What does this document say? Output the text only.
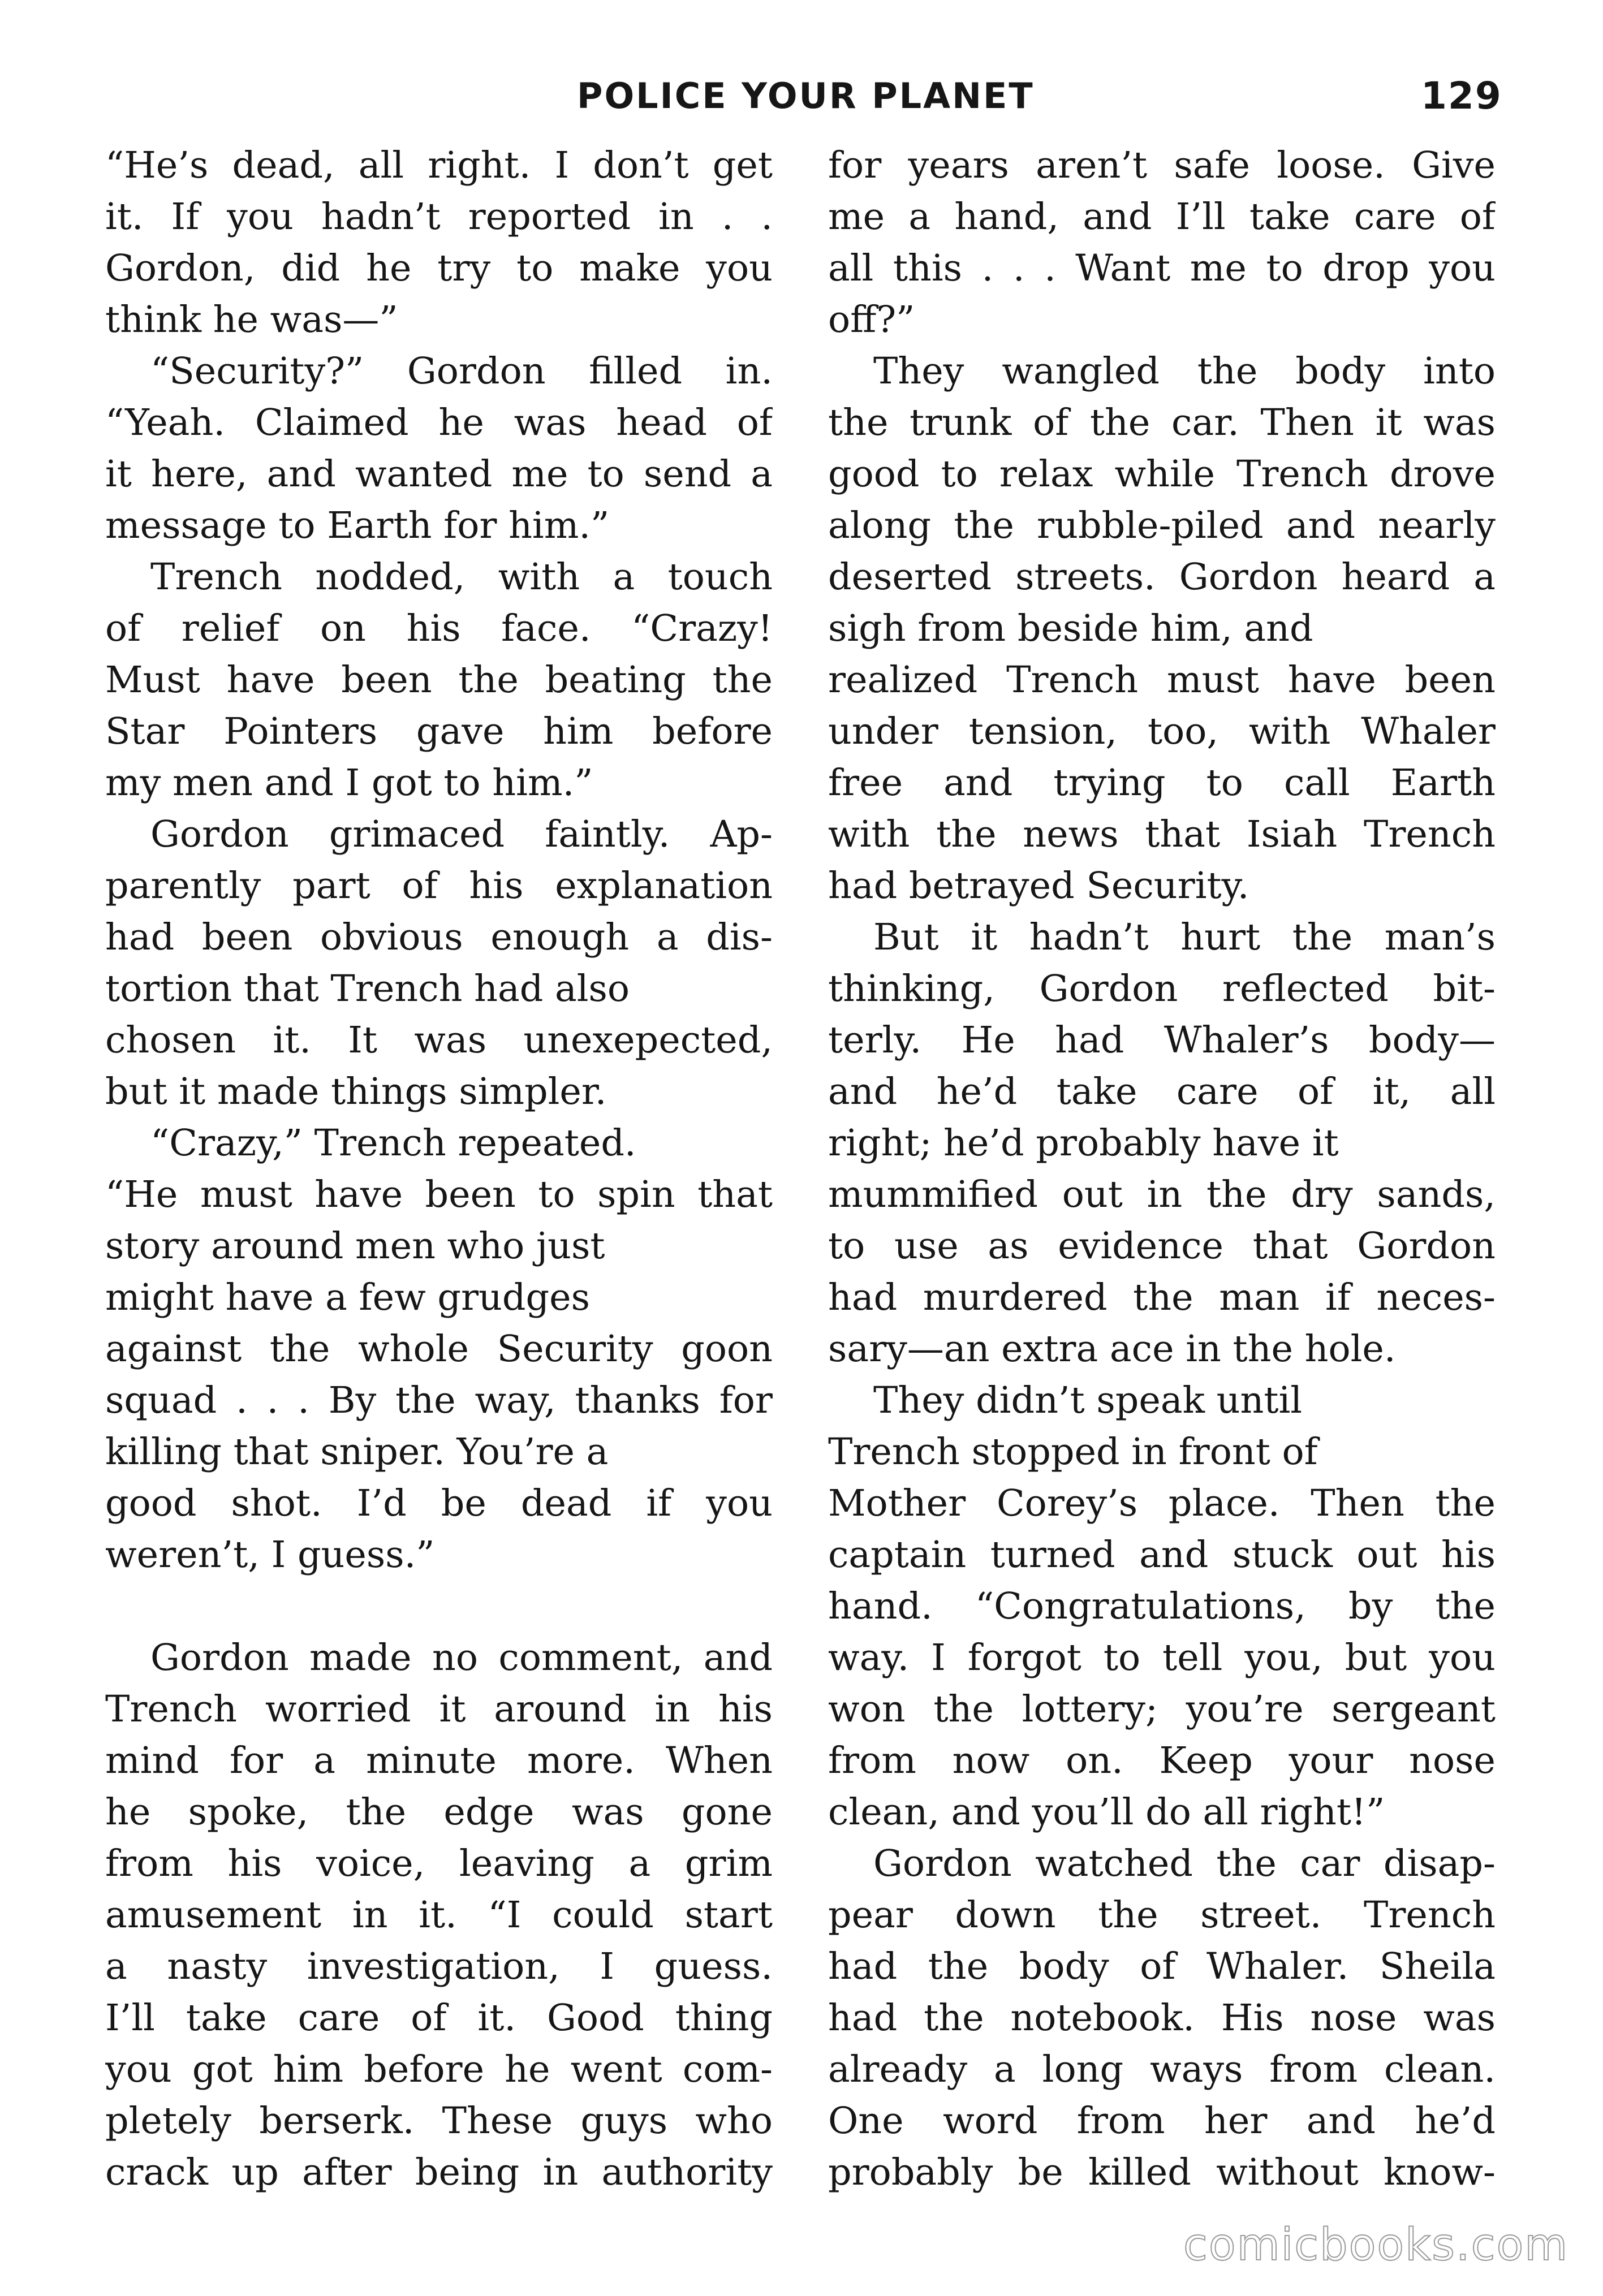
POLICE YOUR PLANET	129
“He’s dead, all right. I don’t get
it. If you hadn’t reported in . .
Gordon, did he try to make you
think he was—”
“Security?” Gordon filled in.
“Yeah. Claimed he was head of
it here, and wanted me to send a
message to Earth for him.”
Trench nodded, with a touch
of relief on his face. “Crazy!
Must have been the beating the
Star Pointers gave him before
my men and I got to him.”
Gordon grimaced faintly. Ap-
parently part of his explanation
had been obvious enough a dis-
tortion that Trench had also
chosen it. It was unexepected,
but it made things simpler.
“Crazy,” Trench repeated.
“He must have been to spin that
story around men who just
might have a few grudges
against the whole Security goon
squad . . . By the way, thanks for
killing that sniper. You’re a
good shot. I’d be dead if you
weren’t, I guess.”
Gordon made no comment, and
Trench worried it around in his
mind for a minute more. When
he spoke, the edge was gone
from his voice, leaving a grim
amusement in it. “I could start
a nasty investigation, I guess.
I’ll take care of it. Good thing
you got him before he went com-
pletely berserk. These guys who
crack up after being in authority
for years aren’t safe loose. Give
me a hand, and I’ll take care of
all this . . . Want me to drop you
off?”
They wangled the body into
the trunk of the car. Then it was
good to relax while Trench drove
along the rubble-piled and nearly
deserted streets. Gordon heard a
sigh from beside him, and
realized Trench must have been
under tension, too, with Whaler
free and trying to call Earth
with the news that Isiah Trench
had betrayed Security.
But it hadn’t hurt the man’s
thinking, Gordon reflected bit-
terly. He had Whaler’s body—
and he’d take care of it, all
right; he’d probably have it
mummified out in the dry sands,
to use as evidence that Gordon
had murdered the man if neces-
sary—an extra ace in the hole.
They didn’t speak until
Trench stopped in front of
Mother Corey’s place. Then the
captain turned and stuck out his
hand. “Congratulations, by the
way. I forgot to tell you, but you
won the lottery; you’re sergeant
from now on. Keep your nose
clean, and you’ll do all right!”
Gordon watched the car disap-
pear down the street. Trench
had the body of Whaler. Sheila
had the notebook. His nose was
already a long ways from clean.
One word from her and he’d
probably be killed without know-
comicbooks.com
